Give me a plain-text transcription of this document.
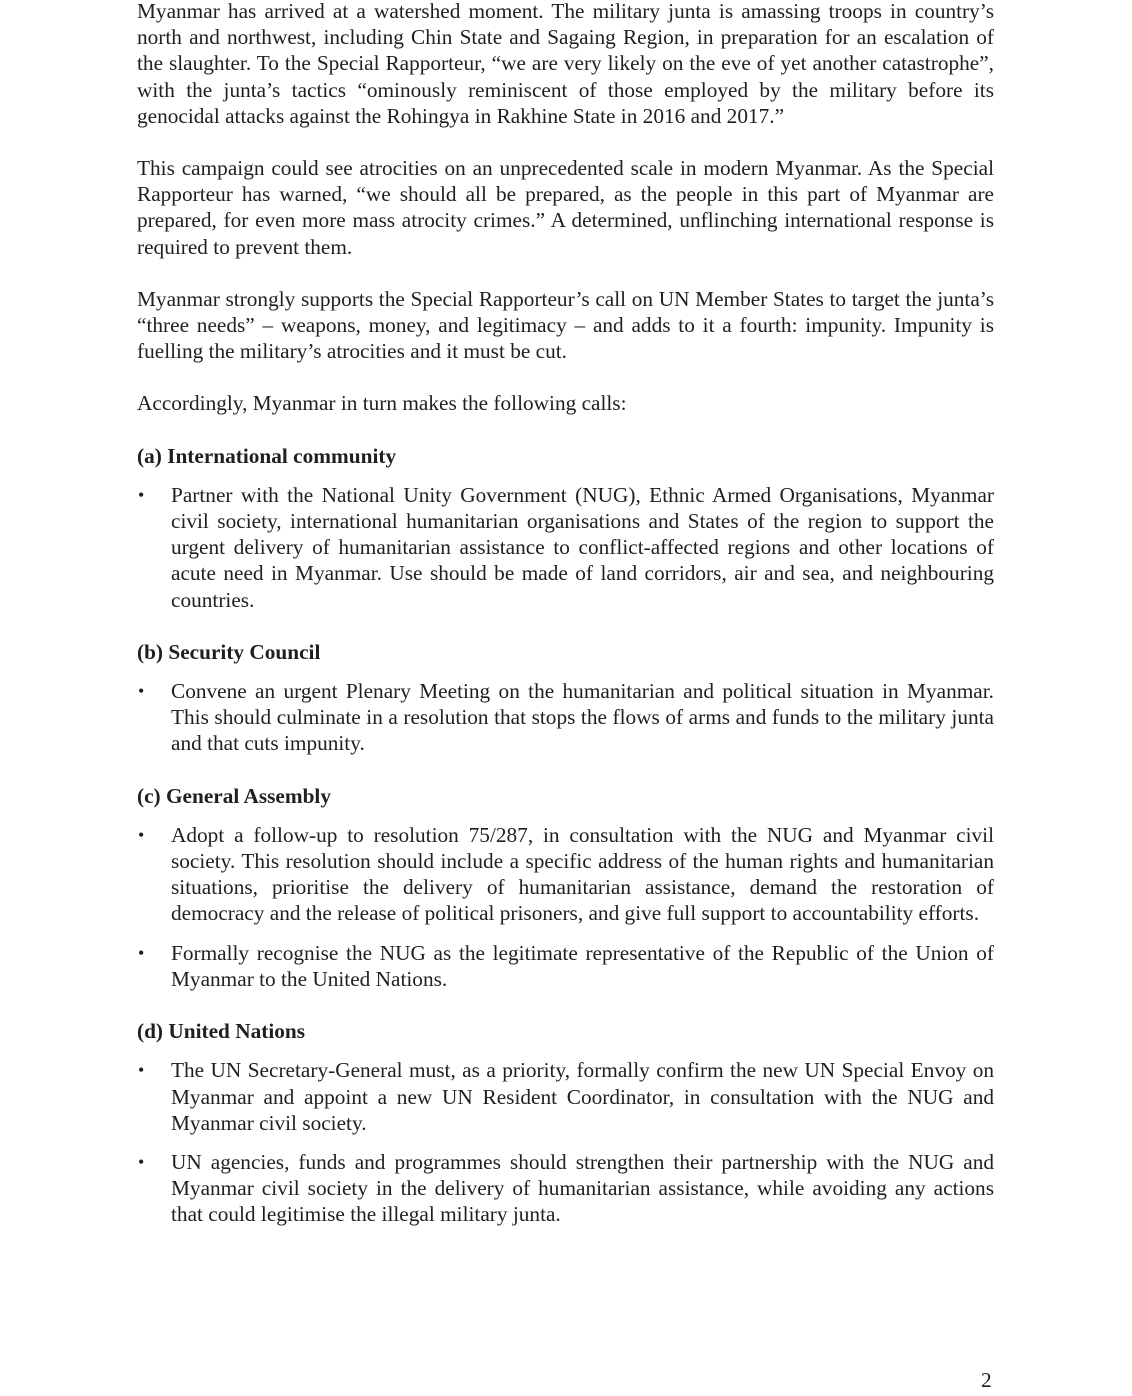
Myanmar has arrived at a watershed moment. The military junta is amassing troops in country’s north and northwest, including Chin State and Sagaing Region, in preparation for an escalation of the slaughter. To the Special Rapporteur, “we are very likely on the eve of yet another catastrophe”, with the junta’s tactics “ominously reminiscent of those employed by the military before its genocidal attacks against the Rohingya in Rakhine State in 2016 and 2017.”

This campaign could see atrocities on an unprecedented scale in modern Myanmar. As the Special Rapporteur has warned, “we should all be prepared, as the people in this part of Myanmar are prepared, for even more mass atrocity crimes.” A determined, unflinching international response is required to prevent them.

Myanmar strongly supports the Special Rapporteur’s call on UN Member States to target the junta’s “three needs” – weapons, money, and legitimacy – and adds to it a fourth: impunity. Impunity is fuelling the military’s atrocities and it must be cut.

Accordingly, Myanmar in turn makes the following calls:

(a) International community
• Partner with the National Unity Government (NUG), Ethnic Armed Organisations, Myanmar civil society, international humanitarian organisations and States of the region to support the urgent delivery of humanitarian assistance to conflict-affected regions and other locations of acute need in Myanmar. Use should be made of land corridors, air and sea, and neighbouring countries.
(b) Security Council
• Convene an urgent Plenary Meeting on the humanitarian and political situation in Myanmar. This should culminate in a resolution that stops the flows of arms and funds to the military junta and that cuts impunity.
(c) General Assembly
• Adopt a follow-up to resolution 75/287, in consultation with the NUG and Myanmar civil society. This resolution should include a specific address of the human rights and humanitarian situations, prioritise the delivery of humanitarian assistance, demand the restoration of democracy and the release of political prisoners, and give full support to accountability efforts.
• Formally recognise the NUG as the legitimate representative of the Republic of the Union of Myanmar to the United Nations.
(d) United Nations
• The UN Secretary-General must, as a priority, formally confirm the new UN Special Envoy on Myanmar and appoint a new UN Resident Coordinator, in consultation with the NUG and Myanmar civil society.
• UN agencies, funds and programmes should strengthen their partnership with the NUG and Myanmar civil society in the delivery of humanitarian assistance, while avoiding any actions that could legitimise the illegal military junta.
2
